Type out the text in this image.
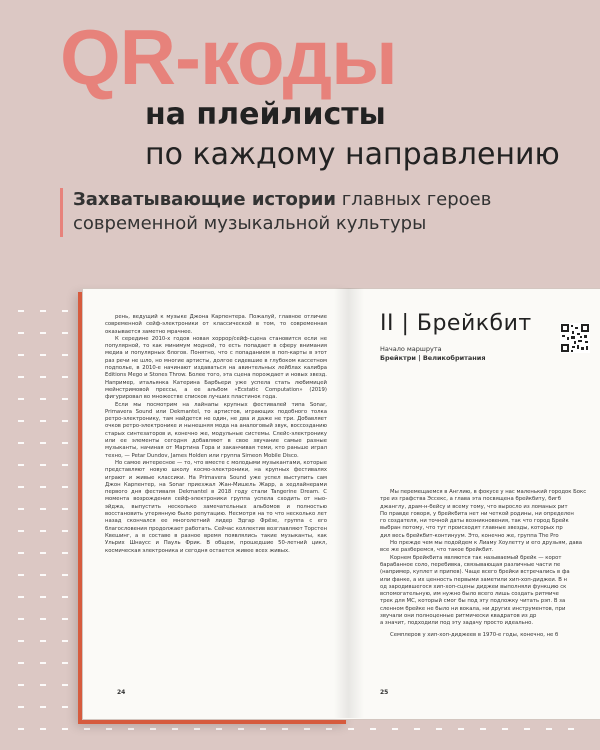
QR-коды
на плейлисты
по каждому направлению
Захватывающие истории главных героев современной музыкальной культуры

рень, ведущий к музыке Джона Карпентера. Пожалуй, главное отличие современной сейф-электроники от классической в том, то современная оказывается заметно мрачнее.

К середине 2010-х годов новая хоррор/сейф-сцена становится если не популярной, то как минимум модной, то есть попадает в сферу внимания медиа и популярных блогов. Понятно, что с попаданием в поп-карты в этот раз речи не шло, но многие артисты, долгое сидевшие в глубоком кассетном подполье, в 2010-е начинают издаваться на авинтельных лейблах калибра Editions Mego и Stones Throw. Более того, эта сцена порождает и новых звезд. Например, итальянка Катерина Барбьери уже успела стать любимицей мейнстримовой прессы, а ее альбом «Ecstatic Computation» (2019) фигурировал во множестве списков лучших пластинок года.

Если мы посмотрим на лайнапы крупных фестивалей типа Sonar, Primavera Sound или Dekmantel, то артистов, играющих подобного толка ретро-электронику, там найдется не один, не два и даже не три. Добавляет очков ретро-электронике и нынешняя мода на аналоговый звук, воссозданию старых синтезаторов и, конечно же, модульные системы. Слейс-электронику или ее элементы сегодня добавляют в свое звучание самые разные музыканты, начиная от Мартина Гора и заканчивая теми, кто раньше играл техно, — Petar Dundov, James Holden или группа Simeon Mobile Disco.

Но самое интересное — то, что вместе с молодыми музыкантами, которые представляют новую школу космо-электроники, на крупных фестивалях играют и живые классики. На Primavera Sound уже успел выступить сам Джон Карпентер, на Sonar приезжал Жан-Мишель Жарр, а хедлайнерами первого дня фестиваля Dekmantel в 2018 году стали Tangerine Dream. С момента возрождения сейф-электроники группа успела сходить от ныо-эйджа, выпустить несколько замечательных альбомов и полностью восстановить утерянную было репутацию. Несмотря на то что несколько лет назад скончался ее многолетний лидер Эдгар Фрёзе, группа с его благословения продолжает работать. Сейчас коллектив возглавляют Торстен Квешинг, а в составе в разное время появлялись такие музыканты, как Ульрих Шнаусс и Пауль Фрик. В общем, прошедшие 50-летний цикл, космическая электроника и сегодня остается живее всех живых.

24
II | Брейкбит
Начало маршрута
Брейктри | Великобритания

Мы перемещаемся в Англию, в фокусе у нас маленький городок Бокс

тре из графства Эссекс, а глава эта посвящена брейкбиту, бигб

джанглу, драм-н-бейсу и всему тому, что выросло из ломаных рит

По правде говоря, у брейкбита нет ни четкой родины, ни определен

го создателя, ни точной даты возникновения, так что город Брейк

выбран потому, что тут происходят главные звезды, которых пр

дил весь брейкбит-континуум. Это, конечно же, группа The Pro

Но прежде чем мы подойдем к Лиаму Хоулетту и его друзьям, дава

все же разберемся, что такое брейкбит.

Корнем брейкбита являются так называемый брейк — корот

барабанное соло, перебивка, связывающая различные части пе

(например, куплет и припев). Чаще всего брейки встречались в фа

или фанке, а их ценность первыми заметили хип-хоп-диджеи. В н

од зародившегося хип-хоп-сцены диджеи выполняли функцию ск

вспомогательную, им нужно было всего лишь создать ритмиче

трек для МС, который смог бы под эту подложку читать рэп. В за

сленном брейке не было ни вокала, ни других инструментов, при

звучали они полноценные ритмически квадратов из др

а значит, подходили под эту задачу просто идеально.

Семплеров у хип-хоп-диджеев в 1970-е годы, конечно, не б

25
